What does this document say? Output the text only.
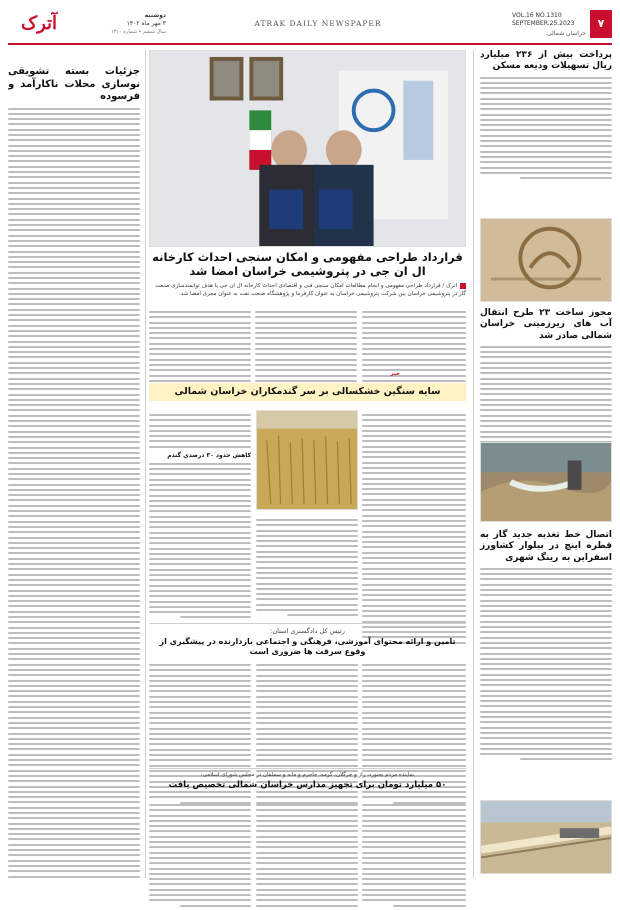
آترک	دوشنبه
۳ مهر ماه ۱۴۰۲
سال ششم • شماره ۱۳۱۰
ATRAK DAILY NEWSPAPER
VOL.16 NO.1310
SEPTEMBER.25.2023
خراسان شمالی
۷
پرداخت بیش از ۲۳۶ میلیارد ریال تسهیلات ودیعه مسکن
مجوز ساخت ۲۳ طرح انتقال آب های زیرزمینی خراسان شمالی صادر شد
اتصال خط تغذیه جدید گاز به قطره اینچ در بیلوار کشاورز اسفراین به رینگ شهری
قرارداد طراحی مفهومی و امکان سنجی احداث کارخانه ال ان جی در پتروشیمی خراسان امضا شد
اترک / قرارداد طراحی مفهومی و انجام مطالعات امکان سنجی فنی و اقتصادی احداث کارخانه ال ان جی با هدف توانمندسازی صنعت گاز در پتروشیمی خراسان بین شرکت پتروشیمی خراسان به عنوان کارفرما و پژوهشگاه صنعت نفت به عنوان مجری امضا شد.
خبر
سایه سنگین خشکسالی بر سر گندمکاران خراسان شمالی
کاهش حدود ۳۰ درصدی گندم
رئیس کل دادگستری استان:
تامین و ارائه محتوای آموزشی، فرهنگی و اجتماعی بازدارنده در پیشگیری از وقوع سرقت ها ضروری است
نماینده مردم بجنورد، راز و جرگلان، گرمه، جاجرم و مانه و سملقان در مجلس شورای اسلامی:
۵۰ میلیارد تومان برای تجهیز مدارس خراسان شمالی تخصیص یافت
جزئیات بسته تشویقی نوسازی محلات ناکارآمد و فرسوده
